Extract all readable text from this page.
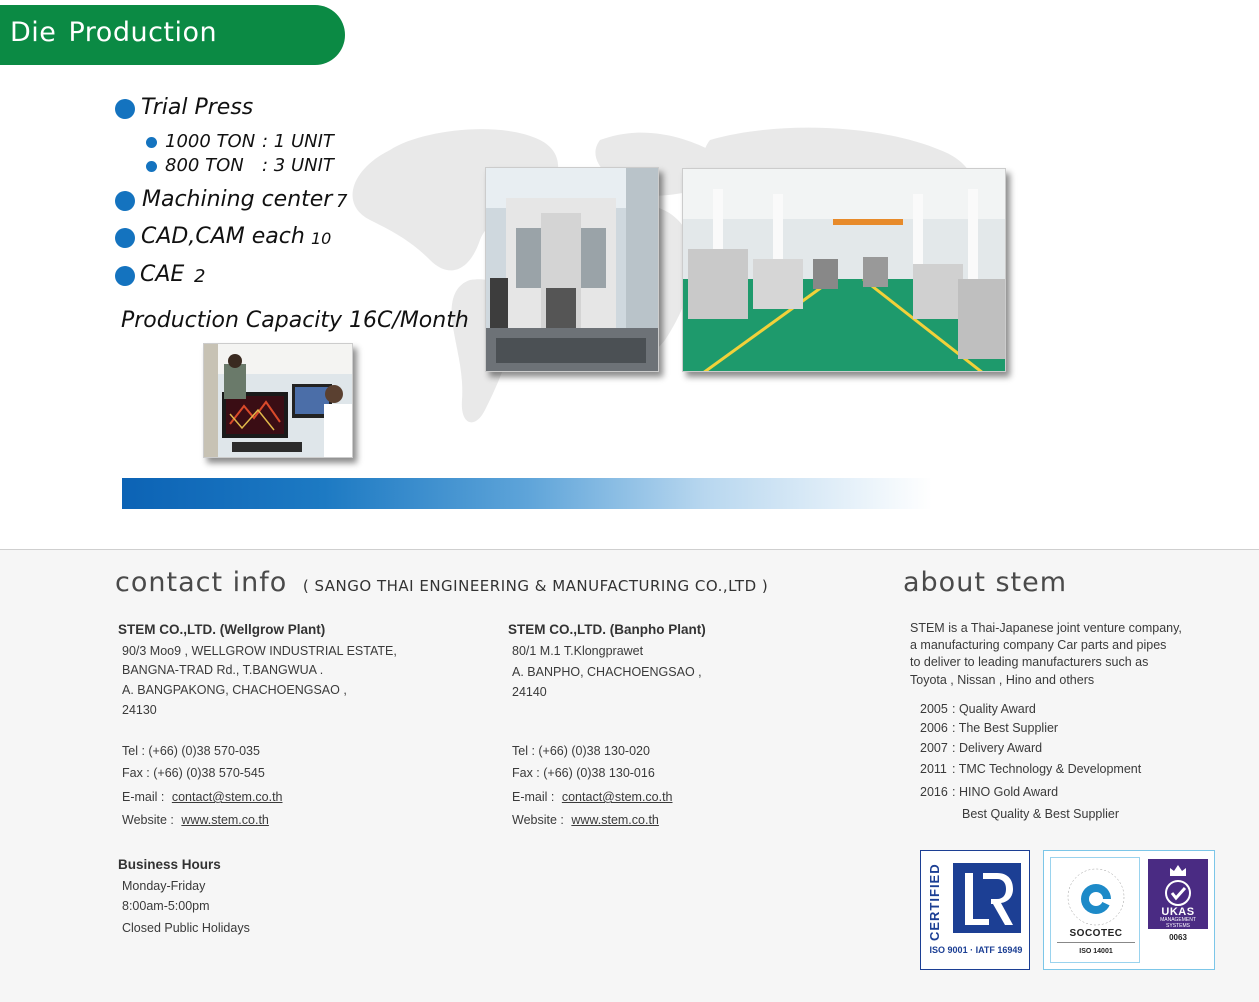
Die Production
Trial Press
1000 TON : 1 UNIT
800 TON : 3 UNIT
Machining center 7
CAD,CAM each 10
CAE 2
Production Capacity 16C/Month
contact info ( SANGO THAI ENGINEERING & MANUFACTURING CO.,LTD )
STEM CO.,LTD. (Wellgrow Plant)
90/3 Moo9 , WELLGROW INDUSTRIAL ESTATE,
BANGNA-TRAD Rd., T.BANGWUA .
A. BANGPAKONG, CHACHOENGSAO ,
24130
Tel : (+66) (0)38 570-035
Fax : (+66) (0)38 570-545
E-mail : contact@stem.co.th
Website : www.stem.co.th
STEM CO.,LTD. (Banpho Plant)
80/1 M.1 T.Klongprawet
A. BANPHO, CHACHOENGSAO ,
24140
Tel : (+66) (0)38 130-020
Fax : (+66) (0)38 130-016
E-mail : contact@stem.co.th
Website : www.stem.co.th
Business Hours
Monday-Friday
8:00am-5:00pm
Closed Public Holidays
about stem
STEM is a Thai-Japanese joint venture company,
a manufacturing company Car parts and pipes
to deliver to leading manufacturers such as
Toyota , Nissan , Hino and others
2005 : Quality Award
2006 : The Best Supplier
2007 : Delivery Award
2011 : TMC Technology & Development
2016 : HINO Gold Award
Best Quality & Best Supplier
CERTIFIED
ISO 9001 · IATF 16949
SOCOTEC
ISO 14001
UKAS
MANAGEMENT
SYSTEMS
0063
